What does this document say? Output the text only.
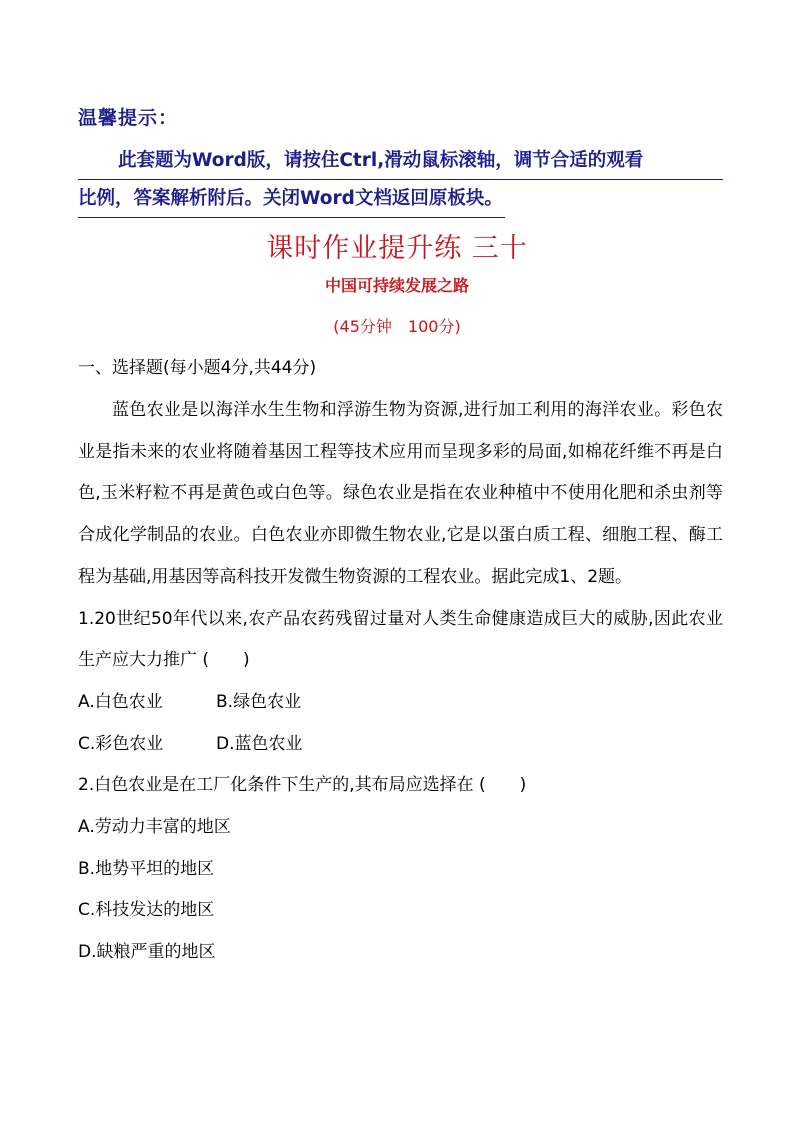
温馨提示：
此套题为Word版，请按住Ctrl,滑动鼠标滚轴，调节合适的观看
比例，答案解析附后。关闭Word文档返回原板块。
课时作业提升练 三十
中国可持续发展之路
(45分钟　100分)
一、选择题(每小题4分,共44分)
蓝色农业是以海洋水生生物和浮游生物为资源,进行加工利用的海洋农业。彩色农业是指未来的农业将随着基因工程等技术应用而呈现多彩的局面,如棉花纤维不再是白色,玉米籽粒不再是黄色或白色等。绿色农业是指在农业种植中不使用化肥和杀虫剂等合成化学制品的农业。白色农业亦即微生物农业,它是以蛋白质工程、细胞工程、酶工程为基础,用基因等高科技开发微生物资源的工程农业。据此完成1、2题。
1.20世纪50年代以来,农产品农药残留过量对人类生命健康造成巨大的威胁,因此农业生产应大力推广 (　　)
A.白色农业	B.绿色农业
C.彩色农业	D.蓝色农业
2.白色农业是在工厂化条件下生产的,其布局应选择在 (　　)
A.劳动力丰富的地区
B.地势平坦的地区
C.科技发达的地区
D.缺粮严重的地区
